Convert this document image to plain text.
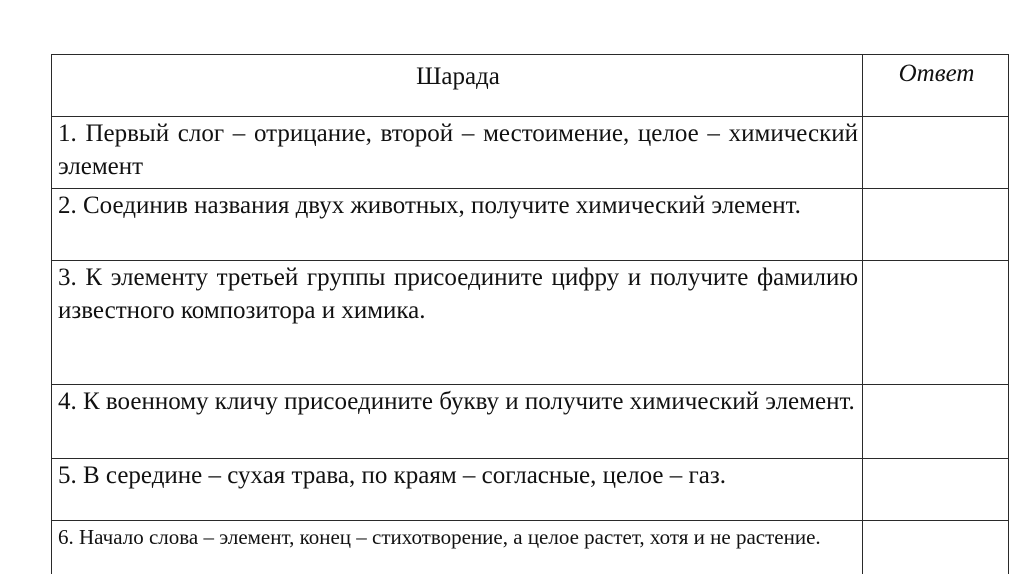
Шарада	Ответ
1. Первый слог – отрицание, второй – местоимение, целое – химический элемент	
2. Соединив названия двух животных, получите химический элемент.	
3. К элементу третьей группы присоедините цифру и получите фамилию известного композитора и химика.	
4. К военному кличу присоедините букву и получите химический элемент.	
5. В середине – сухая трава, по краям – согласные, целое – газ.	
6. Начало слова – элемент, конец – стихотворение, а целое растет, хотя и не растение.	
